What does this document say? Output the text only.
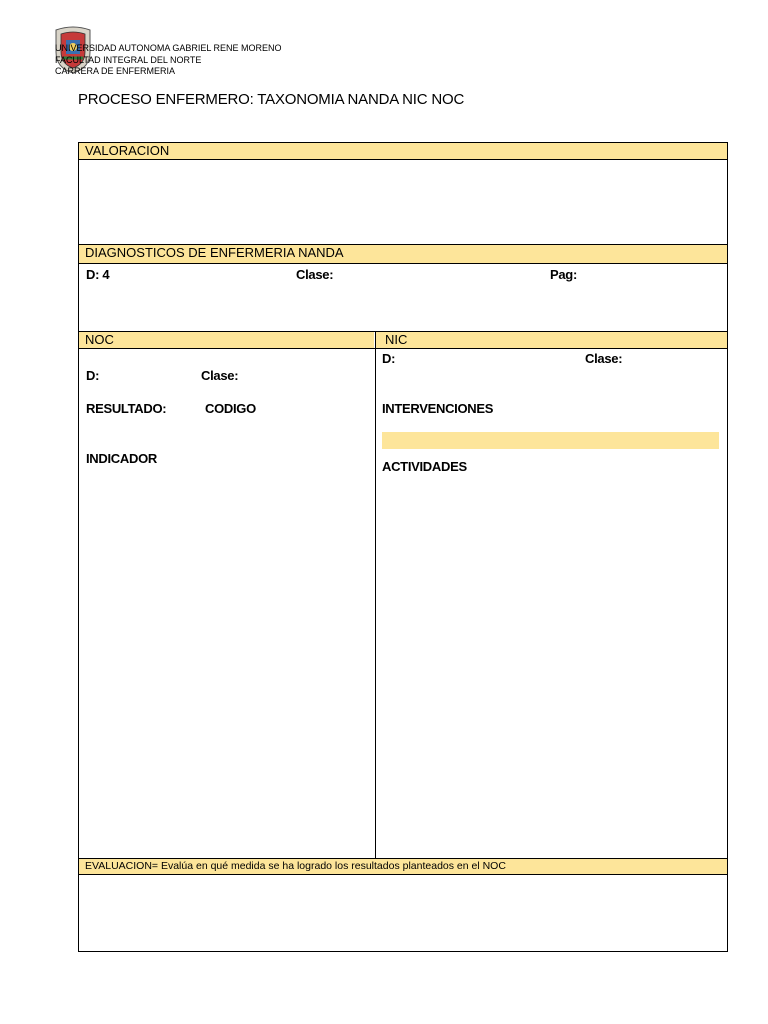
UNIVERSIDAD AUTONOMA GABRIEL RENE MORENO
FACULTAD INTEGRAL DEL NORTE
CARRERA DE ENFERMERIA
PROCESO ENFERMERO: TAXONOMIA NANDA NIC NOC
VALORACION
DIAGNOSTICOS DE ENFERMERIA NANDA
D: 4	Clase:	Pag:
NOC	NIC
D:	Clase:
RESULTADO:	CODIGO
INDICADOR
D:	Clase:
INTERVENCIONES
ACTIVIDADES
EVALUACION= Evalúa en qué medida se ha logrado los resultados planteados en el NOC
